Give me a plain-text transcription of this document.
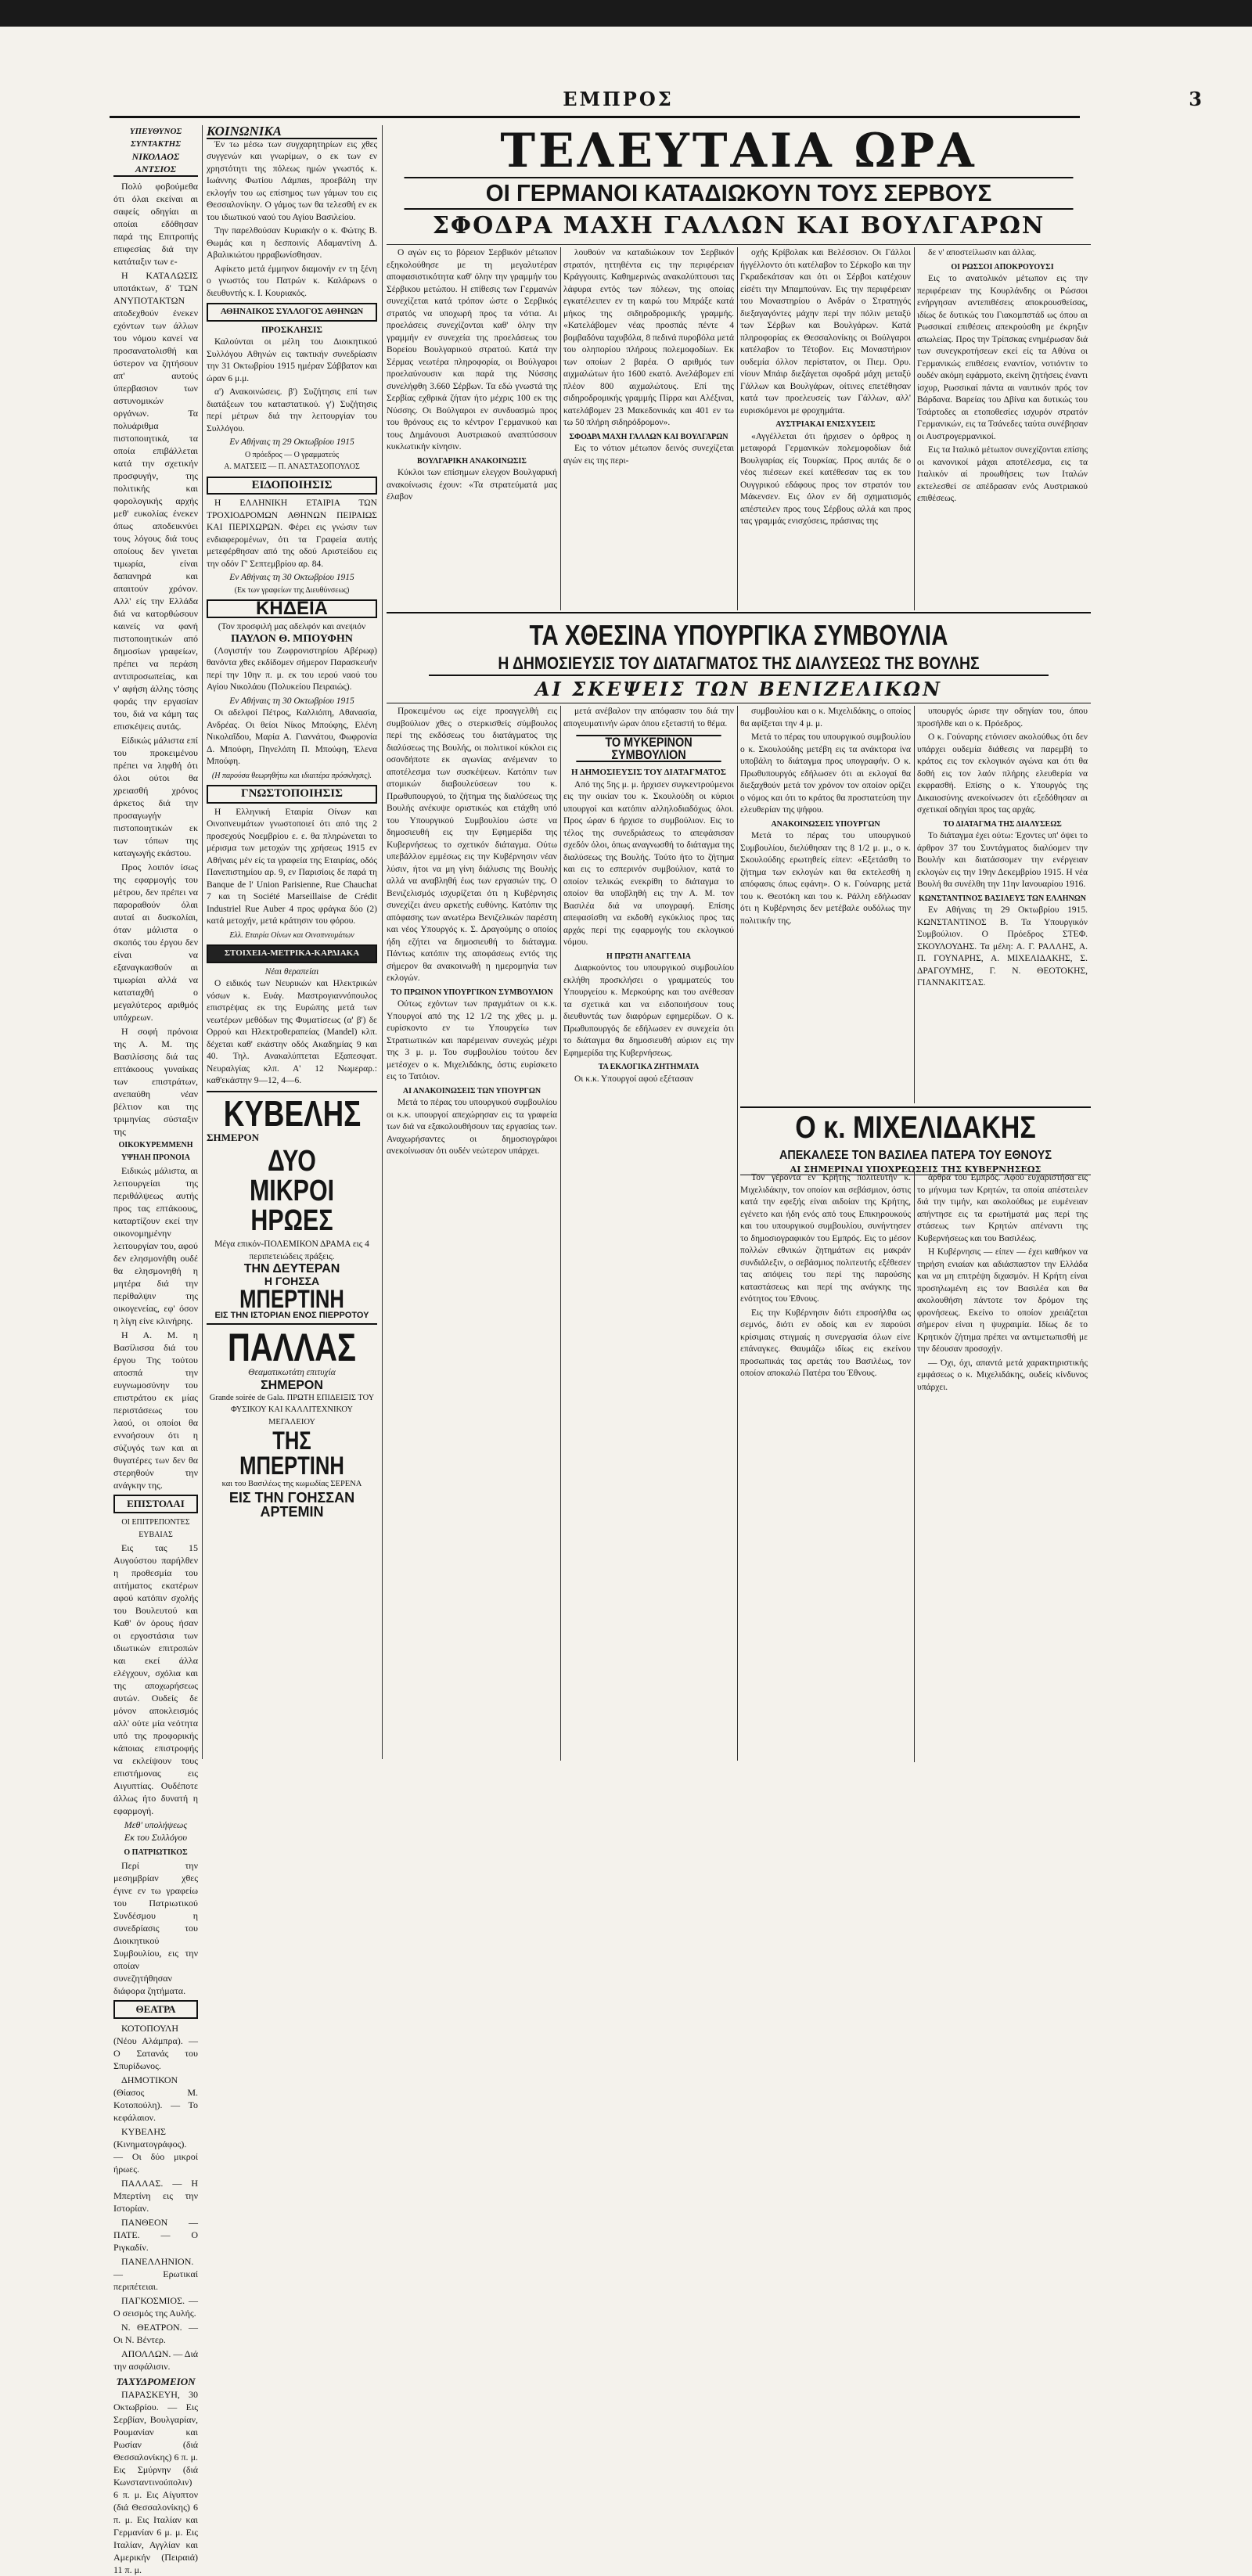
ΕΜΠΡΟΣ	3
ΥΠΕΥΘΥΝΟΣ ΣΥΝΤΑΚΤΗΣ
ΝΙΚΟΛΑΟΣ ΑΝΤΣΙΟΣ

Πολύ φοβούμεθα ότι όλαι εκείναι αι σαφείς οδηγίαι αι οποίαι εδόθησαν παρά της Επιτροπής επιφεσίας διά την κατάταξιν των ε-

Η ΚΑΤΑΛΩΣΙΣ υποτάκτων, δ' ΤΩΝ ΑΝΥΠΟΤΑΚΤΩΝ αποδεχθούν ένεκεν εχόντων των άλλων του νόμου κανεί να προσανατολισθή και ύστερον να ζητήσουν απ' αυτούς ύπερβασιον των αστυνομικών οργάνων. Τα πολυάριθμα πιστοποιητικά, τα οποία επιβάλλεται κατά την σχετικήν προσφυγήν, της πολιτικής και φορολογικής αρχής μεθ' ευκολίας ένεκεν όπως αποδεικνύει τους λόγους διά τους οποίους δεν γινεται τιμωρία, είναι δαπανηρά και απαιτούν χρόνον. Αλλ' είς την Ελλάδα διά να κατορθώσουν καινείς να φανή πιστοποιητικών από δημοσίων γραφείων, πρέπει να περάση αντιπροσωπείας, και ν' αφήση άλλης τόσης φοράς την εργασίαν του, διά να κάμη τας επισκέψεις αυτάς.

Είδικώς μάλιστα επί του προκειμένου πρέπει να ληφθή ότι όλοι ούτοι θα χρειασθή χρόνος άρκετος διά την προσαγωγήν πιστοποιητικών εκ των τόπων της καταγωγής εκάστου.

Προς λοιπόν ίσως της εφαρμογής του μέτρου, δεν πρέπει να παροραθούν όλαι αυταί αι δυσκολίαι, όταν μάλιστα ο σκοπός του έργου δεν είναι να εξαναγκασθούν αι τιμωρίαι αλλά να καταταχθή ο μεγαλύτερος αριθμός υπόχρεων.

Η σοφή πρόνοια της Α. Μ. της Βασιλίσσης διά τας επτάκοους γυναίκας των επιστράτων, ανεπαύθη νέαν βέλτιον και της τριμηνίας σύσταξιν της

ΟΙΚΟΚΥΡΕΜΜΕΝΗ ΥΨΗΛΗ ΠΡΟΝΟΙΑ

Ειδικώς μάλιστα, αι λειτουργείαι της περιθάλψεως αυτής προς τας επτάκοους, καταρτίζουν εκεί την οικονομημένην λειτουργίαν του, αφού δεν ελησμονήθη ουδέ θα ελησμονηθή η μητέρα διά την περίθαλψιν της οικογενείας, εφ' όσον η λίγη είνε κλινήρης.

Η Α. Μ. η Βασίλισσα διά του έργου Της τούτου αποσπά την ευγνωμοσύνην του επιστράτου εκ μίας περιστάσεως του λαού, οι οποίοι θα εννοήσουν ότι η σύζυγός των και αι θυγατέρες των δεν θα στερηθούν την ανάγκην της.

ΕΠΙΣΤΟΛΑΙ
ΟΙ ΕΠΙΤΡΕΠΟΝΤΕΣ ΕΥΒΑΙΑΣ

Εις τας 15 Αυγούστου παρήλθεν η προθεσμία του αιτήματος εκατέρων αφού κατόπιν σχολής του Βουλευτού και Καθ' όν όρους ήσαν οι εργοστάσια των ιδιωτικών επιτροπών και εκεί άλλα ελέγχουν, σχόλια και της αποχωρήσεως αυτών. Ουδείς δε μόνον αποκλεισμός αλλ' ούτε μία νεότητα υπό της προφορικής κάποιας επιστροφής να εκλείψουν τους επιστήμονας εις Αιγυπτίας. Ουδέποτε άλλως ήτο δυνατή η εφαρμογή.

Μεθ' υπολήψεως
Εκ του Συλλόγου
Ο ΠΑΤΡΙΩΤΙΚΟΣ

Περί την μεσημβρίαν χθες έγινε εν τω γραφείω του Πατριωτικού Συνδέσμου η συνεδρίασις του Διοικητικού Συμβουλίου, εις την οποίαν συνεζητήθησαν διάφορα ζητήματα.

ΘΕΑΤΡΑ

ΚΟΤΟΠΟΥΛΗ (Νέου Αλάμπρα). — Ο Σατανάς του Σπυρίδωνος.

ΔΗΜΟΤΙΚΟΝ (Θίασος Μ. Κοτοπούλη). — Το κεφάλαιον.

ΚΥΒΕΛΗΣ (Κινηματογράφος). — Οι δύο μικροί ήρωες.

ΠΑΛΛΑΣ. — Η Μπερτίνη εις την Ιστορίαν.

ΠΑΝΘΕΟΝ — ΠΑΤΕ. — Ο Ριγκαδίν.

ΠΑΝΕΛΛΗΝΙΟΝ. — Ερωτικαί περιπέτειαι.

ΠΑΓΚΟΣΜΙΟΣ. — Ο σεισμός της Αυλής.

Ν. ΘΕΑΤΡΟΝ. — Οι Ν. Βέντερ.

ΑΠΟΛΛΩΝ. — Διά την ασφάλισιν.

ΤΑΧΥΔΡΟΜΕΙΟΝ

ΠΑΡΑΣΚΕΥΗ, 30 Οκτωβρίου. — Εις Σερβίαν, Βουλγαρίαν, Ρουμανίαν και Ρωσίαν (διά Θεσσαλονίκης) 6 π. μ. Εις Σμύρνην (διά Κωνσταντινούπολιν) 6 π. μ. Εις Αίγυπτον (διά Θεσσαλονίκης) 6 π. μ. Εις Ιταλίαν και Γερμανίαν 6 μ. μ. Εις Ιταλίαν, Αγγλίαν και Αμερικήν (Πειραιά) 11 π. μ.

ΚΟΙΝΩΝΙΚΑ

Έν τω μέσω των συγχαρητηρίων εις χθες συγγενών και γνωρίμων, ο εκ των εν χρηστότητι της πόλεως ημών γνωστός κ. Ιωάννης Φωτίου Λάμπαs, προεβάλη την εκλογήν του ως επίσημος των γάμων του εις Θεσσαλονίκην. Ο γάμος των θα τελεσθή εν εκ του ιδιωτικού ναού του Αγίου Βασιλείου.

Την παρελθούσαν Κυριακήν ο κ. Φώτης Β. Θωμάς και η δεσποινίς Αδαμαντίνη Δ. Αβαλικιώτου ηρραβωνίσθησαν.

Αφίκετο μετά έμμηνον διαμονήν εν τη ξένη ο γνωστός του Πατρών κ. Καλάρωνs ο διευθυντής κ. Ι. Κουριακός.

ΑΘΗΝΑΙΚΟΣ ΣΥΛΛΟΓΟΣ ΑΘΗΝΩΝ
ΠΡΟΣΚΛΗΣΙΣ

Καλούνται οι μέλη του Διοικητικού Συλλόγου Αθηνών εις τακτικήν συνεδρίασιν την 31 Οκτωβρίου 1915 ημέραν Σάββατον και ώραν 6 μ.μ.

α') Ανακοινώσεις. β') Συζήτησις επί των διατάξεων του καταστατικού. γ') Συζήτησις περί μέτρων διά την λειτουργίαν του Συλλόγου.

Εν Αθήναις τη 29 Οκτωβρίου 1915
Ο πρόεδρος — Ο γραμματεύς
Α. ΜΑΤΣΕΙΣ — Π. ΑΝΑΣΤΑΣΟΠΟΥΛΟΣ
ΕΙΔΟΠΟΙΗΣΙΣ

Η ΕΛΛΗΝΙΚΗ ΕΤΑΙΡΙΑ ΤΩΝ ΤΡΟΧΙΟΔΡΟΜΩΝ ΑΘΗΝΩΝ ΠΕΙΡΑΙΩΣ ΚΑΙ ΠΕΡΙΧΩΡΩΝ. Φέρει εις γνώσιν των ενδιαφερομένων, ότι τα Γραφεία αυτής μετεφέρθησαν από της οδού Αριστείδου εις την οδόν Γ' Σεπτεμβρίου αρ. 84.

Εν Αθήναις τη 30 Οκτωβρίου 1915
(Εκ των γραφείων της Διευθύνσεως)
ΚΗΔΕΙΑ
(Τον προσφιλή μας αδελφόν και ανεψιόν
ΠΑΥΛΟΝ Θ. ΜΠΟΥΦΗΝ

(Λογιστήν του Ζωφρονιστηρίου Αβέρωφ) θανόντα χθες εκδίδομεν σήμερον Παρασκευήν περί την 10ην π. μ. εκ του ιερού ναού του Αγίου Νικολάου (Πολυκείου Πειραιώς).

Εν Αθήναις τη 30 Οκτωβρίου 1915

Οι αδελφοί Πέτρος, Καλλιόπη, Αθανασία, Ανδρέας. Οι θείοι Νίκος Μπούφης, Ελένη Νικολαΐδου, Μαρία Α. Γιαννάτου, Φωφρονία Δ. Μπούφη, Πηνελόπη Π. Μπούφη, Έλενα Μπούφη.

(Η παρούσα θεωρηθήτω και ιδιαιτέρα πρόσκλησις).
ΓΝΩΣΤΟΠΟΙΗΣΙΣ

Η Ελληνική Εταιρία Οίνων και Οινοπνευμάτων γνωστοποιεί ότι από της 2 προσεχούς Νοεμβρίου ε. ε. θα πληρώνεται το μέρισμα των μετοχών της χρήσεως 1915 εν Αθήναις μέν είς τα γραφεία της Εταιρίας, οδός Πανεπιστημίου αρ. 9, εν Παρισίοις δε παρά τη Banque de l' Union Parisienne, Rue Chauchat 7 και τη Société Marseillaise de Crédit Industriel Rue Auber 4 προς φράγκα δύο (2) κατά μετοχήν, μετά κράτησιν του φόρου.

Ελλ. Εταιρία Οίνων και Οινοπνευμάτων
ΣΤΟΙΧΕΙΑ-ΜΕΤΡΙΚΑ-ΚΑΡΔΙΑΚΑ
Νέαι θεραπείαι

Ο ειδικός των Νευρικών και Ηλεκτρικών νόσων κ. Ευάγ. Μαστρογιαννόπουλος επιστρέψας εκ της Ευρώπης μετά των νεωτέρων μεθόδων της Φυματίσεως (α' β') δε Ορρού και Ηλεκτροθεραπείας (Mandel) κλπ. δέχεται καθ' εκάστην οδός Ακαδημίας 9 και 40. Τηλ. Ανακαλύπτεται Εξαπεσφατ. Νευραλγίας κλπ. Α' 12 Νωμεραρ.: καθ'εκάστην 9—12, 4—6.

ΚΥΒΕΛΗΣ
ΣΗΜΕΡΟΝ
ΔΥΟ ΜΙΚΡΟΙ ΗΡΩΕΣ
Μέγα επικόν-ΠΟΛΕΜΙΚΟΝ ΔΡΑΜΑ εις 4 περιπετειώδεις πράξεις.
ΤΗΝ ΔΕΥΤΕΡΑΝ
Η ΓΟΗΣΣΑ
ΜΠΕΡΤΙΝΗ
ΕΙΣ ΤΗΝ ΙΣΤΟΡΙΑΝ ΕΝΟΣ ΠΙΕΡΡΟΤΟΥ
ΠΑΛΛΑΣ
Θεαματικωτάτη επιτυχία
ΣΗΜΕΡΟΝ
Grande soirée de Gala. ΠΡΩΤΗ ΕΠΙΔΕΙΞΙΣ ΤΟΥ ΦΥΣΙΚΟΥ ΚΑΙ ΚΑΛΛΙΤΕΧΝΙΚΟΥ ΜΕΓΑΛΕΙΟΥ
ΤΗΣ ΜΠΕΡΤΙΝΗ
και του Βασιλέως της κωμωδίας ΣΕΡΕΝΑ
ΕΙΣ ΤΗΝ ΓΟΗΣΣΑΝ ΑΡΤΕΜΙΝ
ΤΕΛΕΥΤΑΙΑ ΩΡΑ
ΟΙ ΓΕΡΜΑΝΟΙ ΚΑΤΑΔΙΩΚΟΥΝ ΤΟΥΣ ΣΕΡΒΟΥΣ
ΣΦΟΔΡΑ ΜΑΧΗ ΓΑΛΛΩΝ ΚΑΙ ΒΟΥΛΓΑΡΩΝ

Ο αγών εις το βόρειον Σερβικόν μέτωπον εξηκολούθησε με τη μεγαλυτέραν αποφασιστικότητα καθ' όλην την γραμμήν του Σέρβικου μετώπου. Η επίθεσις των Γερμανών συνεχίζεται κατά τρόπον ώστε ο Σερβικός στρατός να υποχωρή προς τα νότια. Αι προελάσεις συνεχίζονται καθ' όλην την γραμμήν εν συνεχεία της προελάσεως του Βορείου Βουλγαρικού στρατού. Κατά την Σέρμας νεωτέρα πληροφορία, οι Βούλγαροι προελαύνουσιν και παρά της Νύσσης συνελήφθη 3.660 Σέρβων. Τα εδώ γνωστά της Σερβίας εχθρικά ζήταν ήτο μέχρις 100 εκ της Νύσσης. Οι Βούλγαροι εν συνδυασμώ προς του θρόνους εις το κέντρον Γερμανικού και τους Δημάνουσι Αυστριακού αναπτύσσουν κυκλωτικήν κίνησιν.

ΒΟΥΛΓΑΡΙΚΗ ΑΝΑΚΟΙΝΩΣΙΣ

Κύκλοι των επίσημων ελεγχον Βουλγαρική ανακοίνωσις έχουν: «Τα στρατεύματά μας έλαβον

λουθούν να καταδιώκουν τον Σερβικόν στρατόν, ηττηθέντα εις την περιφέρειαν Κράγγουιτς. Καθημερινώς ανακαλύπτουσι τας λάφυρα εντός των πόλεων, της οποίας εγκατέλειπεν εν τη καιρώ του Μπράξε κατά μήκος της σιδηροδρομικής γραμμής. «Κατελάβομεν νέας προσπάς πέντε 4 βομβαδόνα ταχυβόλα, 8 πεδινά πυροβόλα μετά του οληπορίου πλήρους πολεμοφοδίων. Εκ των οποίων 2 βαρέα. Ο αριθμός των αιχμαλώτων ήτο 1600 εκατό. Ανελάβομεν επί πλέον 800 αιχμαλώτους. Επί της σιδηροδρομικής γραμμής Πίρρα και Αλέξιναι, κατελάβομεν 23 Μακεδονικάς και 401 εν τω τω 50 πλήρη σιδηρόδρομον».

ΣΦΟΔΡΑ ΜΑΧΗ ΓΑΛΛΩΝ ΚΑΙ ΒΟΥΛΓΑΡΩΝ

Εις το νότιον μέτωπον δεινός συνεχίζεται αγών εις της περι-

οχής Κρίβολακ και Βελέσσιον. Οι Γάλλοι ήγγέλλοντο ότι κατέλαβον το Σέρκοβο και την Γκραδεκάτσαν και ότι οι Σέρβοι κατέχουν είσέτι την Μπαμπούναν. Εις την περιφέρειαν του Μοναστηρίου ο Ανδράν ο Στρατηγός διεξαγαγόντες μάχην περί την πόλιν μεταξύ των Σέρβων και Βουλγάρων. Κατά πληροφορίας εκ Θεσσαλονίκης οι Βούλγαροι κατέλαβον το Τέτοβον. Εις Μοναστήριον ουδεμία όλλον περίστατον, οι Πιεμ. Ορυ. νίουν Μπάιρ διεξάγεται σφοδρά μάχη μεταξύ Γάλλων και Βουλγάρων, οίτινες επετέθησαν κατά των προελευσείς των Γάλλων, αλλ' ευρισκόμενοι με φροχημάτα.

ΑΥΣΤΡΙΑΚΑΙ ΕΝΙΣΧΥΣΕΙΣ

«Αγγέλλεται ότι ήρχισεν ο όρθρος η μεταφορά Γερμανικών πολεμοφοδίων διά Βουλγαρίας είς Τουρκίας. Προς αυτάς δε ο νέος πιέσεων εκεί κατέθεσαν τας εκ του Ουγγρικού εδάφους προς τον στρατόν του Μάκενσεν. Εις όλον εν δή σχηματισμός απέστειλεν προς τους Σέρβους αλλά και προς τας γραμμάς ενισχύσεις, πράσινας της

δε ν' αποστείλωσιν και άλλας.

ΟΙ ΡΩΣΣΟΙ ΑΠΟΚΡΟΥΟΥΣΙ

Εις το ανατολικόν μέτωπον εις την περιφέρειαν της Κουρλάνδης οι Ρώσσοι ενήργησαν αντεπιθέσεις αποκρουσθείσας, ιδίως δε δυτικώς του Γιακομπστάδ ως όπου αι Ρωσσικαί επιθέσεις απεκρούσθη με έκρηξιν απωλείας. Προς την Τρίπσκας ενημέρωσαν διά των συνεγκροτήσεων εκεί είς τα Αθύνα οι Γερμανικώς επιθέσεις εναντίον, νοτιόντιν το ουδέν ακόμη εφάρμοτο, εκείνη ζητήσεις έναντι ίσχυρ, Ρωσσικαί πάντα αι ναυτικόν πρός τον Βάρδανα. Βαρείας του Δβίνα και δυτικώς του Τσάρτοδες αι ετοποθεσίες ισχυρόν στρατόν Γερμανικών, εις τα Τσάνεδες ταύτα συνέβησαν οι Αυστρογερμανικοί.

Εις τα Ιταλικό μέτωπον συνεχίζονται επίσης οι κανονικοί μάχαι αποτέλεσμα, εις τα Ιταλικόν αί προωθήσεις των Ιταλών εκτελεσθεί σε απέδρασαν ενός Αυστριακού επιθέσεως.

ΤΑ ΧΘΕΣΙΝΑ ΥΠΟΥΡΓΙΚΑ ΣΥΜΒΟΥΛΙΑ
Η ΔΗΜΟΣΙΕΥΣΙΣ ΤΟΥ ΔΙΑΤΑΓΜΑΤΟΣ ΤΗΣ ΔΙΑΛΥΣΕΩΣ ΤΗΣ ΒΟΥΛΗΣ
ΑΙ ΣΚΕΨΕΙΣ ΤΩΝ ΒΕΝΙΖΕΛΙΚΩΝ

Προκειμένου ως είχε προαγγελθή εις συμβούλιον χθες ο στερκισθείς σύμβουλος περί της εκδόσεως του διατάγματος της διαλύσεως της Βουλής, οι πολιτικοί κύκλοι εις οσονδήποτε εκ αγωνίας ανέμεναν το αποτέλεσμα των συσκέψεων. Κατόπιν των ατομικών διαβουλεύσεων του κ. Πρωθυπουργού, το ζήτημα της διαλύσεως της Βουλής ανέκυψε οριστικώς και ετάχθη υπό του Υπουργικού Συμβουλίου ώστε να δημοσιευθή εις την Εφημερίδα της Κυβερνήσεως το σχετικόν διάταγμα. Ούτω υπεβάλλον εμμέσως εις την Κυβέρνησιν νέαν λύσιν, ήτοι να μη γίνη διάλυσις της Βουλής αλλά να αναβληθή έως των εργασιών της. Ο Βενιζελισμός ισχυρίζεται ότι η Κυβέρνησις συνεχίζει άνευ αρκετής ευθύνης. Κατόπιν της απόφασης των ανωτέρω Βενιζελικών παρέστη και νέος Υπουργός κ. Σ. Δραγούμης ο οποίος ήδη εζήτει να δημοσιευθή το διάταγμα. Πάντως κατόπιν της αποφάσεως εντός της σήμερον θα ανακοινωθή η ημερομηνία των εκλογών.

ΤΟ ΠΡΩΙΝΟΝ ΥΠΟΥΡΓΙΚΟΝ ΣΥΜΒΟΥΛΙΟΝ

Ούτως εχόντων των πραγμάτων οι κ.κ. Υπουργοί από της 12 1/2 της χθες μ. μ. ευρίσκοντο εν τω Υπουργείω των Στρατιωτικών και παρέμειναν συνεχώς μέχρι της 3 μ. μ. Του συμβουλίου τούτου δεν μετέσχεν ο κ. Μιχελιδάκης, όστις ευρίσκετο εις το Τατόιον.

ΑΙ ΑΝΑΚΟΙΝΩΣΕΙΣ ΤΩΝ ΥΠΟΥΡΓΩΝ

Μετά το πέρας του υπουργικού συμβουλίου οι κ.κ. υπουργοί απεχώρησαν εις τα γραφεία των διά να εξακολουθήσουν τας εργασίας των. Αναχωρήσαντες οι δημοσιογράφοι ανεκοίνωσαν ότι ουδέν νεώτερον υπάρχει.

μετά ανέβαλον την απόφασιν του διά την απογευματινήν ώραν όπου εξεταστή το θέμα.

ΤΟ ΜΥΚΕΡΙΝΟΝ ΣΥΜΒΟΥΛΙΟΝ
Η ΔΗΜΟΣΙΕΥΣΙΣ ΤΟΥ ΔΙΑΤΑΓΜΑΤΟΣ

Από της 5ης μ. μ. ήρχισεν συγκεντρούμενοι εις την οικίαν του κ. Σκουλούδη οι κύριοι υπουργοί και κατόπιν αλληλοδιαδόχως όλοι. Προς ώραν 6 ήρχισε το συμβούλιον. Εις το τέλος της συνεδριάσεως το απεφάσισαν σχεδόν όλοι, όπως αναγνωσθή το διάταγμα της διαλύσεως της Βουλής. Τούτο ήτο το ζήτημα και εις το εσπερινόν συμβούλιον, κατά το οποίον τελικώς ενεκρίθη το διάταγμα το οποίον θα υποβληθή εις την Α. Μ. τον Βασιλέα διά να υπογραφή. Επίσης απεφασίσθη να εκδοθή εγκύκλιος προς τας αρχάς περί της εφαρμογής του εκλογικού νόμου.

Η ΠΡΩΤΗ ΑΝΑΓΓΕΛΙΑ

Διαρκούντος του υπουργικού συμβουλίου εκλήθη προσκλήσει ο γραμματεύς του Υπουργείου κ. Μερκούρης και του ανέθεσαν τα σχετικά και να ειδοποιήσουν τους διευθυντάς των διαφόρων εφημερίδων. Ο κ. Πρωθυπουργός δε εδήλωσεν εν συνεχεία ότι το διάταγμα θα δημοσιευθή αύριον εις την Εφημερίδα της Κυβερνήσεως.

ΤΑ ΕΚΛΟΓΙΚΑ ΖΗΤΗΜΑΤΑ

Οι κ.κ. Υπουργοί αφού εξέτασαν

συμβουλίου και ο κ. Μιχελιδάκης, ο οποίος θα αφίξεται την 4 μ. μ.

Μετά το πέρας του υπουργικού συμβουλίου ο κ. Σκουλούδης μετέβη εις τα ανάκτορα ίνα υποβάλη το διάταγμα προς υπογραφήν. Ο κ. Πρωθυπουργός εδήλωσεν ότι αι εκλογαί θα διεξαχθούν μετά τον χρόνον τον οποίον ορίζει ο νόμος και ότι το κράτος θα προστατεύση την ελευθερίαν της ψήφου.

ΑΝΑΚΟΙΝΩΣΕΙΣ ΥΠΟΥΡΓΩΝ

Μετά το πέρας του υπουργικού Συμβουλίου, διελύθησαν της 8 1/2 μ. μ., ο κ. Σκουλούδης ερωτηθείς είπεν: «Εξετάσθη το ζήτημα των εκλογών και θα εκτελεσθή η απόφασις όπως εφάνη». Ο κ. Γούναρης μετά του κ. Θεοτόκη και του κ. Ράλλη εδήλωσαν ότι η Κυβέρνησις δεν μετέβαλε ουδόλως την πολιτικήν της.

υπουργός ώρισε την οδηγίαν του, όπου προσήλθε και ο κ. Πρόεδρος.

Ο κ. Γούναρης ετόνισεν ακολούθως ότι δεν υπάρχει ουδεμία διάθεσις να παρεμβή το κράτος εις τον εκλογικόν αγώνα και ότι θα δοθή εις τον λαόν πλήρης ελευθερία να εκφρασθή. Επίσης ο κ. Υπουργός της Δικαιοσύνης ανεκοίνωσεν ότι εξεδόθησαν αι σχετικαί οδηγίαι προς τας αρχάς.

ΤΟ ΔΙΑΤΑΓΜΑ ΤΗΣ ΔΙΑΛΥΣΕΩΣ

Το διάταγμα έχει ούτω: Έχοντες υπ' όψει το άρθρον 37 του Συντάγματος διαλύομεν την Βουλήν και διατάσσομεν την ενέργειαν εκλογών εις την 19ην Δεκεμβρίου 1915. Η νέα Βουλή θα συνέλθη την 11ην Ιανουαρίου 1916.

ΚΩΝΣΤΑΝΤΙΝΟΣ ΒΑΣΙΛΕΥΣ ΤΩΝ ΕΛΛΗΝΩΝ

Εν Αθήναις τη 29 Οκτωβρίου 1915. ΚΩΝΣΤΑΝΤΙΝΟΣ Β. Τα Υπουργικόν Συμβούλιον. Ο Πρόεδρος ΣΤΕΦ. ΣΚΟΥΛΟΥΔΗΣ. Τα μέλη: Α. Γ. ΡΑΛΛΗΣ, Α. Π. ΓΟΥΝΑΡΗΣ, Α. ΜΙΧΕΛΙΔΑΚΗΣ, Σ. ΔΡΑΓΟΥΜΗΣ, Γ. Ν. ΘΕΟΤΟΚΗΣ, ΓΙΑΝΝΑΚΙΤΣΑΣ.

Ο κ. ΜΙΧΕΛΙΔΑΚΗΣ
ΑΠΕΚΑΛΕΣΕ ΤΟΝ ΒΑΣΙΛΕΑ ΠΑΤΕΡΑ ΤΟΥ ΕΘΝΟΥΣ
ΑΙ ΣΗΜΕΡΙΝΑΙ ΥΠΟΧΡΕΩΣΕΙΣ ΤΗΣ ΚΥΒΕΡΝΗΣΕΩΣ

Τον γέροντα εν Κρήτης πολιτευτήν κ. Μιχελιδάκην, τον οποίον και σεβάσμιον, όστις κατά την εφεξής είναι αιδοίαν της Κρήτης, εγένετο και ήδη ενός από τους Επικηρουκούς και του υπουργικού συμβουλίου, συνήντησεν το δημοσιογραφικόν του Εμπρός. Εις το μέσον πολλών εθνικών ζητημάτων εις μακράν συνδιάλεξιν, ο σεβάσμιος πολιτευτής εξέθεσεν τας απόψεις του περί της παρούσης καταστάσεως και περί της ανάγκης της ενότητος του Έθνους.

Εις την Κυβέρνησιν διότι επροσήλθα ως σεμνός, διότι εν οδοίς και εν παρούσι κρίσιμαις στιγμαίς η συνεργασία όλων είνε επάναγκες. Θαυμάζω ιδίως εις εκείνου προσωπικάς τας αρετάς του Βασιλέως, τον οποίον αποκαλώ Πατέρα του Έθνους.

άρθρα του Εμπρός. Αφού ευχαριστήσα εις το μήνυμα των Κρητών, τα οποία απέστειλεν διά την τιμήν, και ακολούθως με ευμένειαν απήντησε εις τα ερωτήματά μας περί της στάσεως των Κρητών απέναντι της Κυβερνήσεως και του Βασιλέως.

Η Κυβέρνησις — είπεν — έχει καθήκον να τηρήση ενιαίαν και αδιάσπαστον την Ελλάδα και να μη επιτρέψη διχασμόν. Η Κρήτη είναι προσηλωμένη εις τον Βασιλέα και θα ακολουθήση πάντοτε τον δρόμον της φρονήσεως. Εκείνο το οποίον χρειάζεται σήμερον είναι η ψυχραιμία. Ιδίως δε το Κρητικόν ζήτημα πρέπει να αντιμετωπισθή με την δέουσαν προσοχήν.

— Όχι, όχι, απαντά μετά χαρακτηριστικής εμφάσεως ο κ. Μιχελιδάκης, ουδείς κίνδυνος υπάρχει.
